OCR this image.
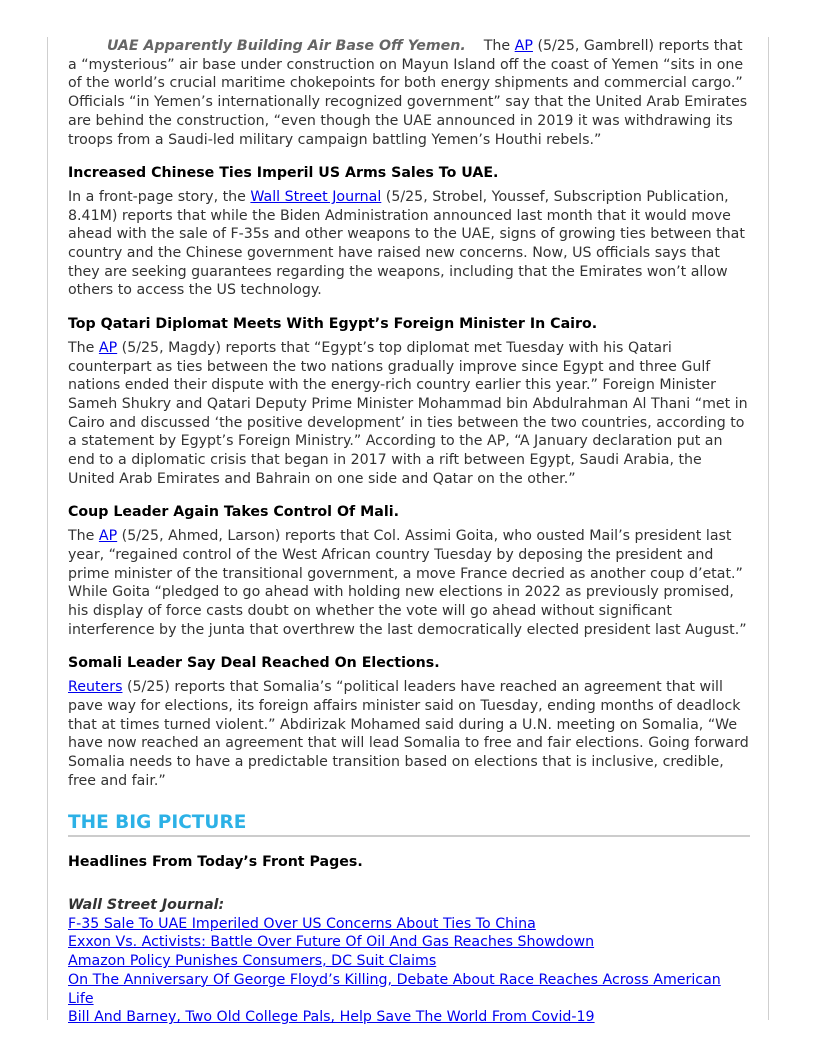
UAE Apparently Building Air Base Off Yemen. The AP (5/25, Gambrell) reports that a “mysterious” air base under construction on Mayun Island off the coast of Yemen “sits in one of the world’s crucial maritime chokepoints for both energy shipments and commercial cargo.” Officials “in Yemen’s internationally recognized government” say that the United Arab Emirates are behind the construction, “even though the UAE announced in 2019 it was withdrawing its troops from a Saudi-led military campaign battling Yemen’s Houthi rebels.”

Increased Chinese Ties Imperil US Arms Sales To UAE.

In a front-page story, the Wall Street Journal (5/25, Strobel, Youssef, Subscription Publication, 8.41M) reports that while the Biden Administration announced last month that it would move ahead with the sale of F-35s and other weapons to the UAE, signs of growing ties between that country and the Chinese government have raised new concerns. Now, US officials says that they are seeking guarantees regarding the weapons, including that the Emirates won’t allow others to access the US technology.

Top Qatari Diplomat Meets With Egypt’s Foreign Minister In Cairo.

The AP (5/25, Magdy) reports that “Egypt’s top diplomat met Tuesday with his Qatari counterpart as ties between the two nations gradually improve since Egypt and three Gulf nations ended their dispute with the energy-rich country earlier this year.” Foreign Minister Sameh Shukry and Qatari Deputy Prime Minister Mohammad bin Abdulrahman Al Thani “met in Cairo and discussed ‘the positive development’ in ties between the two countries, according to a statement by Egypt’s Foreign Ministry.” According to the AP, “A January declaration put an end to a diplomatic crisis that began in 2017 with a rift between Egypt, Saudi Arabia, the United Arab Emirates and Bahrain on one side and Qatar on the other.”

Coup Leader Again Takes Control Of Mali.

The AP (5/25, Ahmed, Larson) reports that Col. Assimi Goita, who ousted Mail’s president last year, “regained control of the West African country Tuesday by deposing the president and prime minister of the transitional government, a move France decried as another coup d’etat.” While Goita “pledged to go ahead with holding new elections in 2022 as previously promised, his display of force casts doubt on whether the vote will go ahead without significant interference by the junta that overthrew the last democratically elected president last August.”

Somali Leader Say Deal Reached On Elections.

Reuters (5/25) reports that Somalia’s “political leaders have reached an agreement that will pave way for elections, its foreign affairs minister said on Tuesday, ending months of deadlock that at times turned violent.” Abdirizak Mohamed said during a U.N. meeting on Somalia, “We have now reached an agreement that will lead Somalia to free and fair elections. Going forward Somalia needs to have a predictable transition based on elections that is inclusive, credible, free and fair.”

THE BIG PICTURE
Headlines From Today’s Front Pages.

Wall Street Journal:

F-35 Sale To UAE Imperiled Over US Concerns About Ties To China
Exxon Vs. Activists: Battle Over Future Of Oil And Gas Reaches Showdown
Amazon Policy Punishes Consumers, DC Suit Claims
On The Anniversary Of George Floyd’s Killing, Debate About Race Reaches Across American Life
Bill And Barney, Two Old College Pals, Help Save The World From Covid-19
